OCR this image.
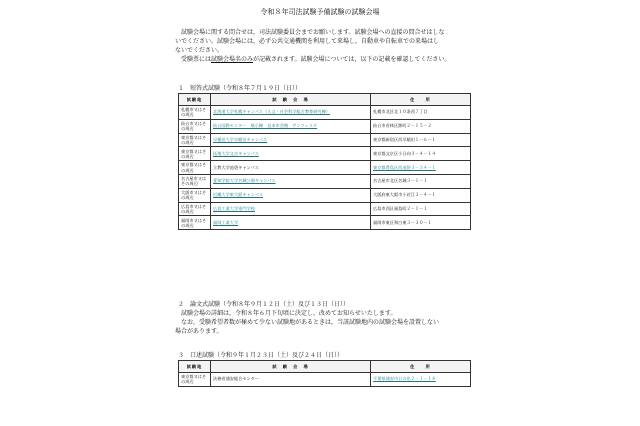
令和８年司法試験予備試験の試験会場
試験会場に関する問合せは，司法試験委員会までお願いします。試験会場への直接の問合せはしな
いでください。試験会場には，必ず公共交通機関を利用して来場し，自動車や自転車での来場はし
ないでください。
受験票には試験会場名のみが記載されます。試験会場については，以下の記載を確認してください。
１　短答式試験（令和８年７月１９日（日））
試験地	試　験　会　場	住　　所
札幌市又はその周辺	北海道大学札幌キャンパス（人文・社会科学総合教育研究棟）	札幌市北区北１０条西７丁目
仙台市又はその周辺	仙台国際センター　展示棟　見本市会館　サンフェスタ	仙台市若林区卸町２－１５－２
東京都又はその周辺	早稲田大学早稲田キャンパス	東京都新宿区西早稲田１－６－１
東京都又はその周辺	拓殖大学文京キャンパス	東京都文京区小日向３－４－１４
東京都又はその周辺	立教大学池袋キャンパス	東京都豊島区西池袋３－３４－１
名古屋市又はその周辺	愛知学院大学名城公園キャンパス	名古屋市北区名城３－１－１
大阪市又はその周辺	近畿大学東大阪キャンパス	大阪府東大阪市小若江３－４－１
広島市又はその周辺	広島工業大学専門学校	広島市西区福島町２－１－１
福岡市又はその周辺	福岡工業大学	福岡市東区和白東３－３０－１
２　論文式試験（令和８年９月１２日（土）及び１３日（日））
試験会場の詳細は，令和８年６月下旬頃に決定し，改めてお知らせいたします。
なお，受験希望者数が極めて少ない試験地があるときは，当該試験地内の試験会場を設置しない
場合があります。
３　口述試験（令和９年１月２３日（土）及び２４日（日））
試験地	試　験　会　場	住　　所
東京都又はその周辺	法務省浦安総合センター	千葉県浦安市日の出２－１－１８
